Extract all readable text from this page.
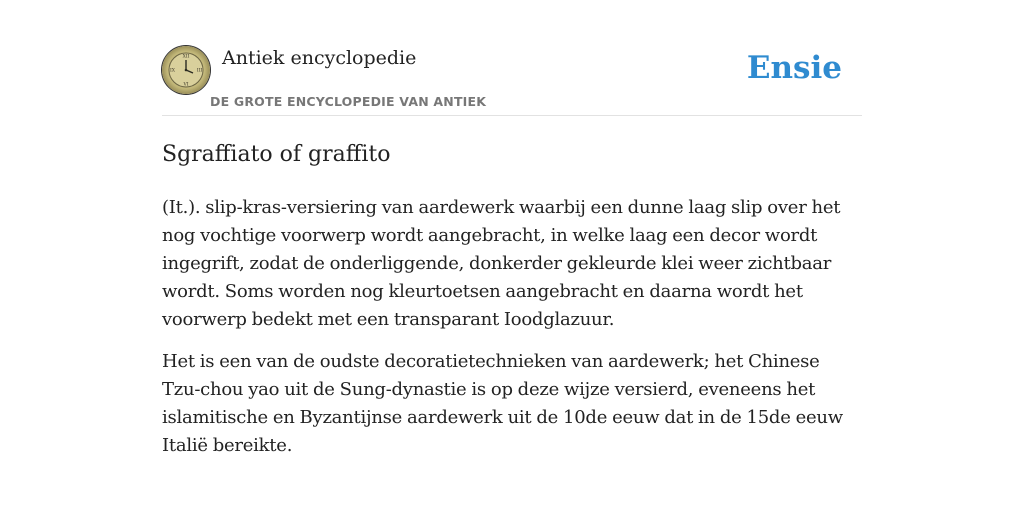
XII
III
VI
IX
Antiek encyclopedie
DE GROTE ENCYCLOPEDIE VAN ANTIEK
Ensie
Sgraffiato of graffito

(It.). slip-kras-versiering van aardewerk waarbij een dunne laag slip over het nog vochtige voorwerp wordt aangebracht, in welke laag een decor wordt ingegrift, zodat de onderliggende, donkerder gekleurde klei weer zichtbaar wordt. Soms worden nog kleurtoetsen aangebracht en daarna wordt het voorwerp bedekt met een transparant Ioodglazuur.

Het is een van de oudste decoratietechnieken van aardewerk; het Chinese Tzu-chou yao uit de Sung-dynastie is op deze wijze versierd, eveneens het islamitische en Byzantijnse aardewerk uit de 10de eeuw dat in de 15de eeuw Italië bereikte.
